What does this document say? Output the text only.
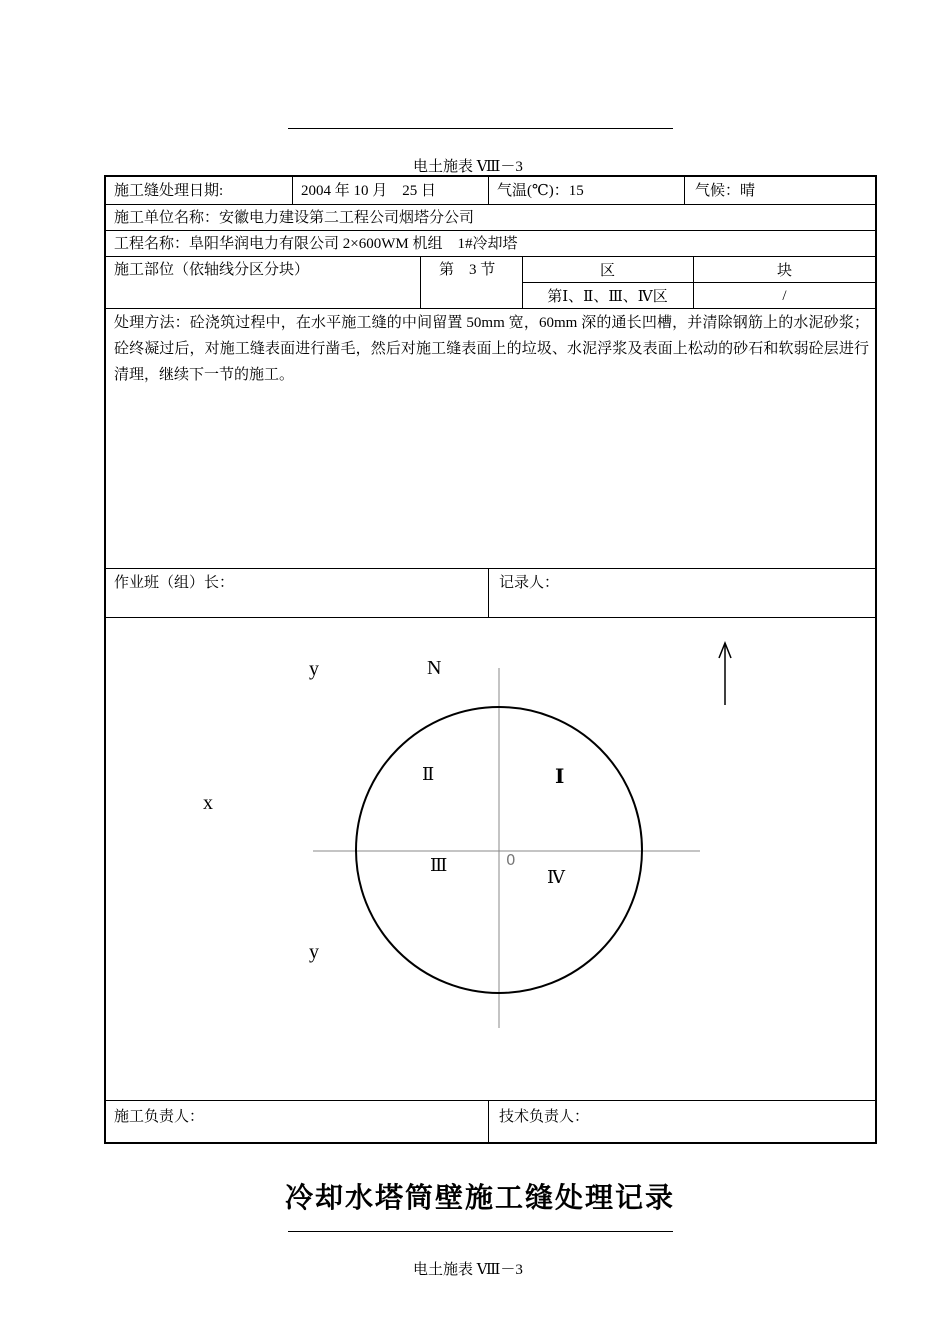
电土施表 Ⅷ－3
施工缝处理日期:	2004 年 10 月　25 日	气温(℃)：15	气候：晴
施工单位名称：安徽电力建设第二工程公司烟塔分公司
工程名称：阜阳华润电力有限公司 2×600WM 机组　1#冷却塔
施工部位（依轴线分区分块）	第　3 节	区	块
第Ⅰ、Ⅱ、Ⅲ、Ⅳ区	/
处理方法：砼浇筑过程中，在水平施工缝的中间留置 50mm 宽，60mm 深的通长凹槽，并清除钢筋上的水泥砂浆；砼终凝过后，对施工缝表面进行凿毛，然后对施工缝表面上的垃圾、水泥浮浆及表面上松动的砂石和软弱砼层进行清理，继续下一节的施工。
作业班（组）长：	记录人：
N
y
x
y
Ⅰ
Ⅱ
Ⅲ
Ⅳ
0
施工负责人：	技术负责人：
冷却水塔筒壁施工缝处理记录
电土施表 Ⅷ－3
